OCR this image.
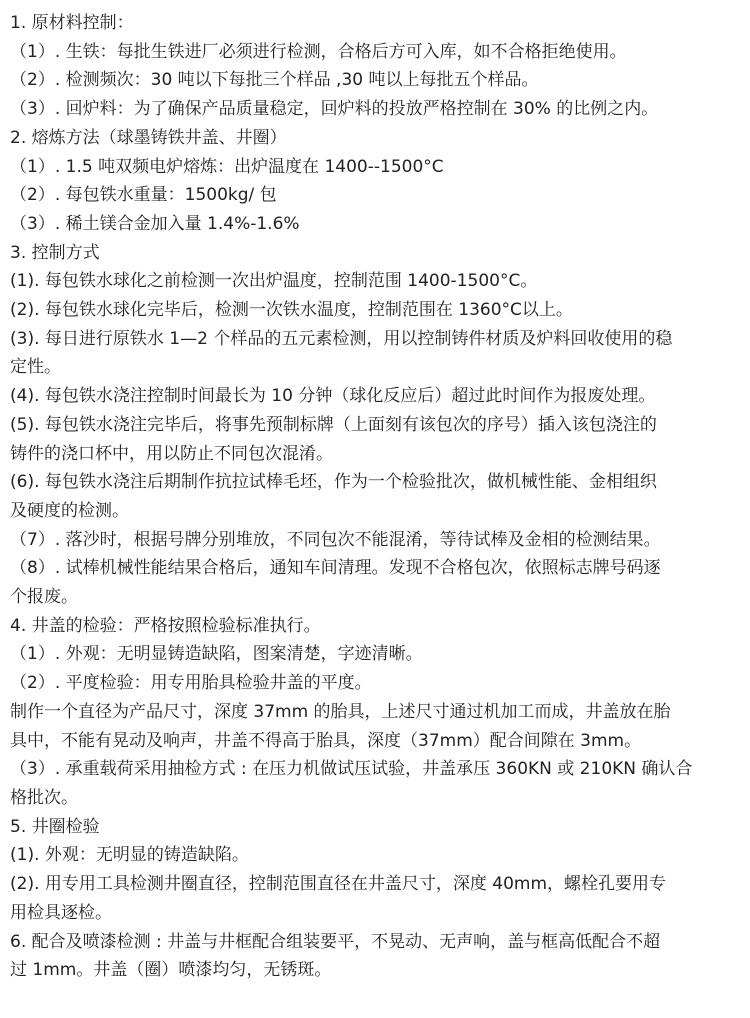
1. 原材料控制：
（1）. 生铁：每批生铁进厂必须进行检测，合格后方可入库，如不合格拒绝使用。
（2）. 检测频次：30 吨以下每批三个样品 ,30 吨以上每批五个样品。
（3）. 回炉料：为了确保产品质量稳定，回炉料的投放严格控制在 30% 的比例之内。
2. 熔炼方法（球墨铸铁井盖、井圈）
（1）. 1.5 吨双频电炉熔炼：出炉温度在 1400--1500°C
（2）. 每包铁水重量：1500kg/ 包
（3）. 稀土镁合金加入量 1.4%-1.6%
3. 控制方式
(1). 每包铁水球化之前检测一次出炉温度，控制范围 1400-1500°C。
(2). 每包铁水球化完毕后，检测一次铁水温度，控制范围在 1360°C以上。
(3). 每日进行原铁水 1—2 个样品的五元素检测，用以控制铸件材质及炉料回收使用的稳
定性。
(4). 每包铁水浇注控制时间最长为 10 分钟（球化反应后）超过此时间作为报废处理。
(5). 每包铁水浇注完毕后，将事先预制标牌（上面刻有该包次的序号）插入该包浇注的
铸件的浇口杯中，用以防止不同包次混淆。
(6). 每包铁水浇注后期制作抗拉试棒毛坯，作为一个检验批次，做机械性能、金相组织
及硬度的检测。
（7）. 落沙时，根据号牌分别堆放，不同包次不能混淆，等待试棒及金相的检测结果。
（8）. 试棒机械性能结果合格后，通知车间清理。发现不合格包次，依照标志牌号码逐
个报废。
4. 井盖的检验：严格按照检验标准执行。
（1）. 外观：无明显铸造缺陷，图案清楚，字迹清晰。
（2）. 平度检验：用专用胎具检验井盖的平度。
制作一个直径为产品尺寸，深度 37mm 的胎具，上述尺寸通过机加工而成，井盖放在胎
具中，不能有晃动及响声，井盖不得高于胎具，深度（37mm）配合间隙在 3mm。
（3）. 承重载荷采用抽检方式 : 在压力机做试压试验，井盖承压 360KN 或 210KN 确认合
格批次。
5. 井圈检验
(1). 外观：无明显的铸造缺陷。
(2). 用专用工具检测井圈直径，控制范围直径在井盖尺寸，深度 40mm，螺栓孔要用专
用检具逐检。
6. 配合及喷漆检测 : 井盖与井框配合组装要平，不晃动、无声响，盖与框高低配合不超
过 1mm。井盖（圈）喷漆均匀，无锈斑。
